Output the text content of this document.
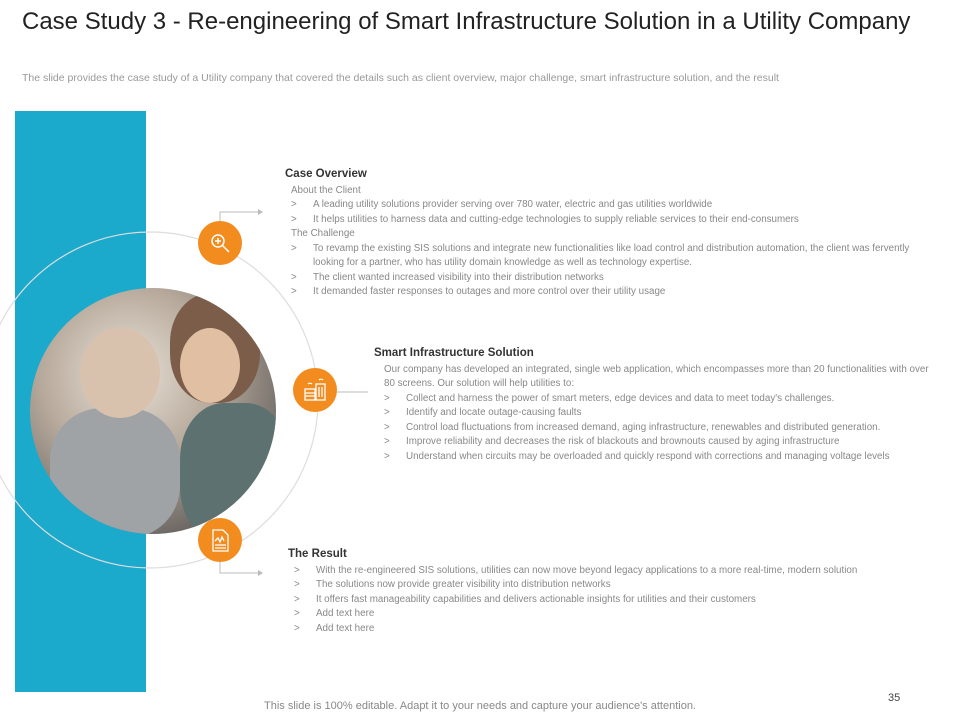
Case Study 3 - Re-engineering of Smart Infrastructure Solution in a Utility Company
The slide provides the case study of a Utility company that covered the details such as client overview, major challenge, smart infrastructure solution, and the result
Case Overview
About the Client
>	A leading utility solutions provider serving over 780 water, electric and gas utilities worldwide
>	It helps utilities to harness data and cutting-edge technologies to supply reliable services to their end-consumers
The Challenge
>	To revamp the existing SIS solutions and integrate new functionalities like load control and distribution automation, the client was fervently looking for a partner, who has utility domain knowledge as well as technology expertise.
>	The client wanted increased visibility into their distribution networks
>	It demanded faster responses to outages and more control over their utility usage
Smart Infrastructure Solution
Our company has developed an integrated, single web application, which encompasses more than 20 functionalities with over 80 screens. Our solution will help utilities to:
>	Collect and harness the power of smart meters, edge devices and data to meet today's challenges.
>	Identify and locate outage-causing faults
>	Control load fluctuations from increased demand, aging infrastructure, renewables and distributed generation.
>	Improve reliability and decreases the risk of blackouts and brownouts caused by aging infrastructure
>	Understand when circuits may be overloaded and quickly respond with corrections and managing voltage levels
The Result
>	With the re-engineered SIS solutions, utilities can now move beyond legacy applications to a more real-time, modern solution
>	The solutions now provide greater visibility into distribution networks
>	It offers fast manageability capabilities and delivers actionable insights for utilities and their customers
>	Add text here
>	Add text here
This slide is 100% editable. Adapt it to your needs and capture your audience's attention.
35
